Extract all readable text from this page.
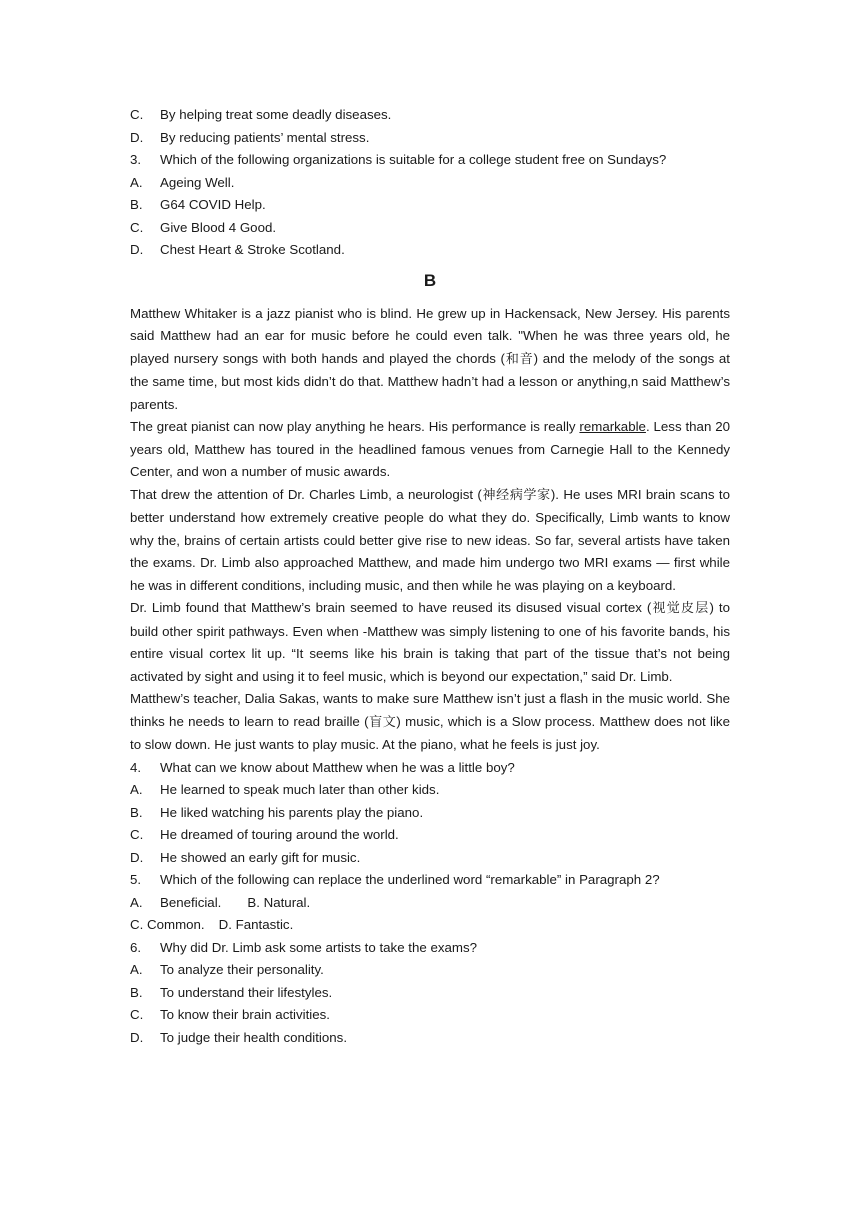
C.	By helping treat some deadly diseases.
D.	By reducing patients’ mental stress.
3.	Which of the following organizations is suitable for a college student free on Sundays?
A.	Ageing Well.
B.	G64 COVID Help.
C.	Give Blood 4 Good.
D.	Chest Heart & Stroke Scotland.
B

Matthew Whitaker is a jazz pianist who is blind. He grew up in Hackensack, New Jersey. His parents said Matthew had an ear for music before he could even talk. "When he was three years old, he played nursery songs with both hands and played the chords (和音) and the melody of the songs at the same time, but most kids didn’t do that. Matthew hadn’t had a lesson or anything,n said Matthew’s parents.

The great pianist can now play anything he hears. His performance is really remarkable. Less than 20 years old, Matthew has toured in the headlined famous venues from Carnegie Hall to the Kennedy Center, and won a number of music awards.

That drew the attention of Dr. Charles Limb, a neurologist (神经病学家). He uses MRI brain scans to better understand how extremely creative people do what they do. Specifically, Limb wants to know why the, brains of certain artists could better give rise to new ideas. So far, several artists have taken the exams. Dr. Limb also approached Matthew, and made him undergo two MRI exams — first while he was in different conditions, including music, and then while he was playing on a keyboard.

Dr. Limb found that Matthew’s brain seemed to have reused its disused visual cortex (视觉皮层) to build other spirit pathways. Even when -Matthew was simply listening to one of his favorite bands, his entire visual cortex lit up. “It seems like his brain is taking that part of the tissue that’s not being activated by sight and using it to feel music, which is beyond our expectation,” said Dr. Limb.

Matthew’s teacher, Dalia Sakas, wants to make sure Matthew isn’t just a flash in the music world. She thinks he needs to learn to read braille (盲文) music, which is a Slow process. Matthew does not like to slow down. He just wants to play music. At the piano, what he feels is just joy.

4.	What can we know about Matthew when he was a little boy?
A.	He learned to speak much later than other kids.
B.	He liked watching his parents play the piano.
C.	He dreamed of touring around the world.
D.	He showed an early gift for music.
5.	Which of the following can replace the underlined word “remarkable” in Paragraph 2?
A.	Beneficial. B. Natural.
C. Common. D. Fantastic.
6.	Why did Dr. Limb ask some artists to take the exams?
A.	To analyze their personality.
B.	To understand their lifestyles.
C.	To know their brain activities.
D.	To judge their health conditions.
